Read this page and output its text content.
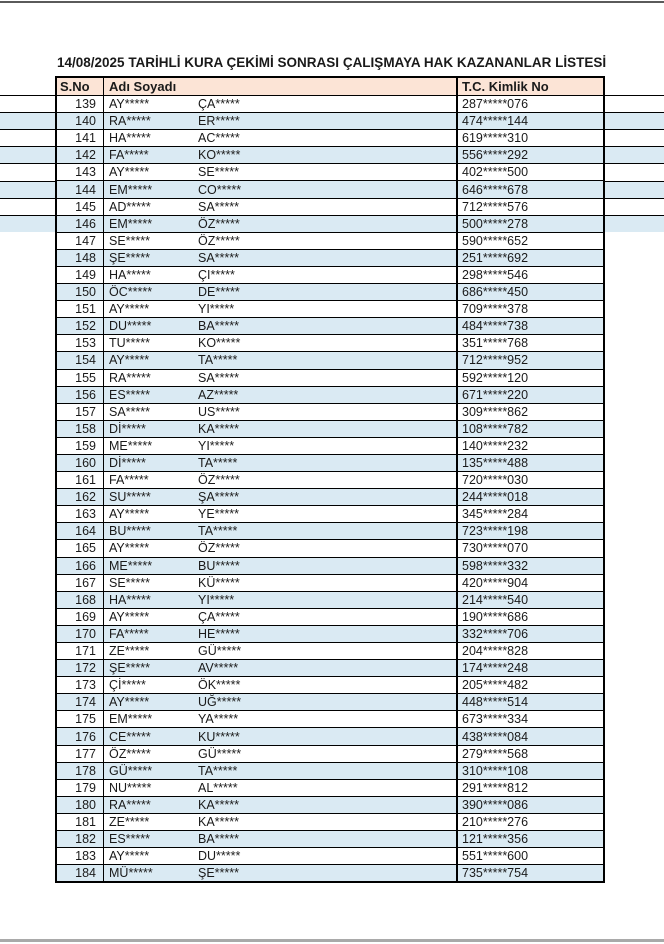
14/08/2025 TARİHLİ KURA ÇEKİMİ SONRASI ÇALIŞMAYA HAK KAZANANLAR LİSTESİ
S.No	Adı Soyadı	T.C. Kimlik No
139	AY*****	ÇA*****	287*****076
140	RA*****	ER*****	474*****144
141	HA*****	AC*****	619*****310
142	FA*****	KO*****	556*****292
143	AY*****	SE*****	402*****500
144	EM*****	CO*****	646*****678
145	AD*****	SA*****	712*****576
146	EM*****	ÖZ*****	500*****278
147	SE*****	ÖZ*****	590*****652
148	ŞE*****	SA*****	251*****692
149	HA*****	ÇI*****	298*****546
150	ÖC*****	DE*****	686*****450
151	AY*****	YI*****	709*****378
152	DU*****	BA*****	484*****738
153	TU*****	KO*****	351*****768
154	AY*****	TA*****	712*****952
155	RA*****	SA*****	592*****120
156	ES*****	AZ*****	671*****220
157	SA*****	US*****	309*****862
158	Dİ*****	KA*****	108*****782
159	ME*****	YI*****	140*****232
160	Dİ*****	TA*****	135*****488
161	FA*****	ÖZ*****	720*****030
162	SU*****	ŞA*****	244*****018
163	AY*****	YE*****	345*****284
164	BU*****	TA*****	723*****198
165	AY*****	ÖZ*****	730*****070
166	ME*****	BU*****	598*****332
167	SE*****	KÜ*****	420*****904
168	HA*****	YI*****	214*****540
169	AY*****	ÇA*****	190*****686
170	FA*****	HE*****	332*****706
171	ZE*****	GÜ*****	204*****828
172	ŞE*****	AV*****	174*****248
173	Çİ*****	ÖK*****	205*****482
174	AY*****	UĞ*****	448*****514
175	EM*****	YA*****	673*****334
176	CE*****	KU*****	438*****084
177	ÖZ*****	GÜ*****	279*****568
178	GÜ*****	TA*****	310*****108
179	NU*****	AL*****	291*****812
180	RA*****	KA*****	390*****086
181	ZE*****	KA*****	210*****276
182	ES*****	BA*****	121*****356
183	AY*****	DU*****	551*****600
184	MÜ*****	ŞE*****	735*****754
